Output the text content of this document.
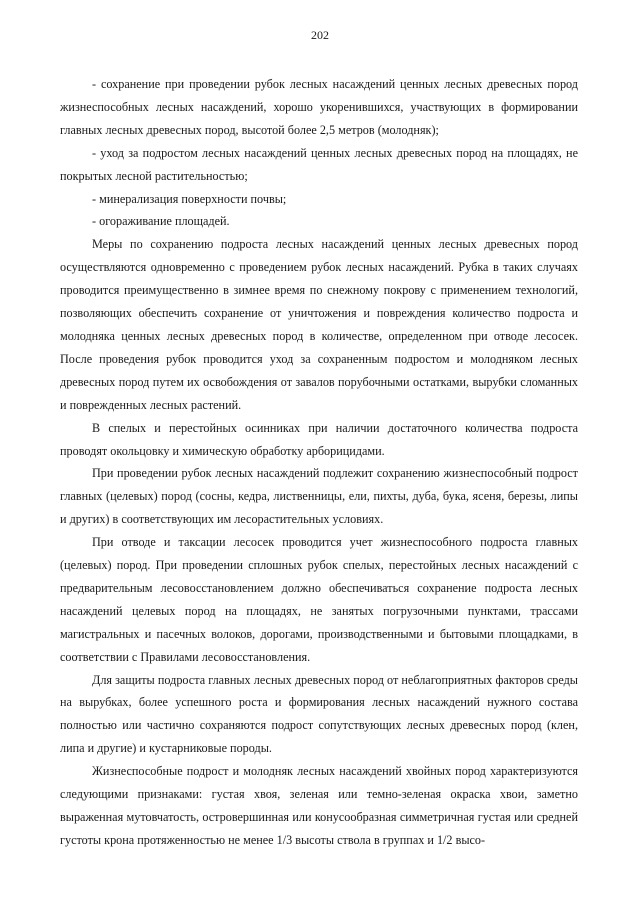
202

- сохранение при проведении рубок лесных насаждений ценных лесных древесных пород жизнеспособных лесных насаждений, хорошо укоренившихся, участвующих в формировании главных лесных древесных пород, высотой более 2,5 метров (молодняк);

- уход за подростом лесных насаждений ценных лесных древесных пород на площадях, не покрытых лесной растительностью;

- минерализация поверхности почвы;

- огораживание площадей.

Меры по сохранению подроста лесных насаждений ценных лесных древесных пород осуществляются одновременно с проведением рубок лесных насаждений. Рубка в таких случаях проводится преимущественно в зимнее время по снежному покрову с применением технологий, позволяющих обеспечить сохранение от уничтожения и повреждения количество подроста и молодняка ценных лесных древесных пород в количестве, определенном при отводе лесосек. После проведения рубок проводится уход за сохраненным подростом и молодняком лесных древесных пород путем их освобождения от завалов порубочными остатками, вырубки сломанных и поврежденных лесных растений.

В спелых и перестойных осинниках при наличии достаточного количества подроста проводят окольцовку и химическую обработку арборицидами.

При проведении рубок лесных насаждений подлежит сохранению жизнеспособный подрост главных (целевых) пород (сосны, кедра, лиственницы, ели, пихты, дуба, бука, ясеня, березы, липы и других) в соответствующих им лесорастительных условиях.

При отводе и таксации лесосек проводится учет жизнеспособного подроста главных (целевых) пород. При проведении сплошных рубок спелых, перестойных лесных насаждений с предварительным лесовосстановлением должно обеспечиваться сохранение подроста лесных насаждений целевых пород на площадях, не занятых погрузочными пунктами, трассами магистральных и пасечных волоков, дорогами, производственными и бытовыми площадками, в соответствии с Правилами лесовосстановления.

Для защиты подроста главных лесных древесных пород от неблагоприятных факторов среды на вырубках, более успешного роста и формирования лесных насаждений нужного состава полностью или частично сохраняются подрост сопутствующих лесных древесных пород (клен, липа и другие) и кустарниковые породы.

Жизнеспособные подрост и молодняк лесных насаждений хвойных пород характеризуются следующими признаками: густая хвоя, зеленая или темно-зеленая окраска хвои, заметно выраженная мутовчатость, островершинная или конусообразная симметричная густая или средней густоты крона протяженностью не менее 1/3 высоты ствола в группах и 1/2 высо-
